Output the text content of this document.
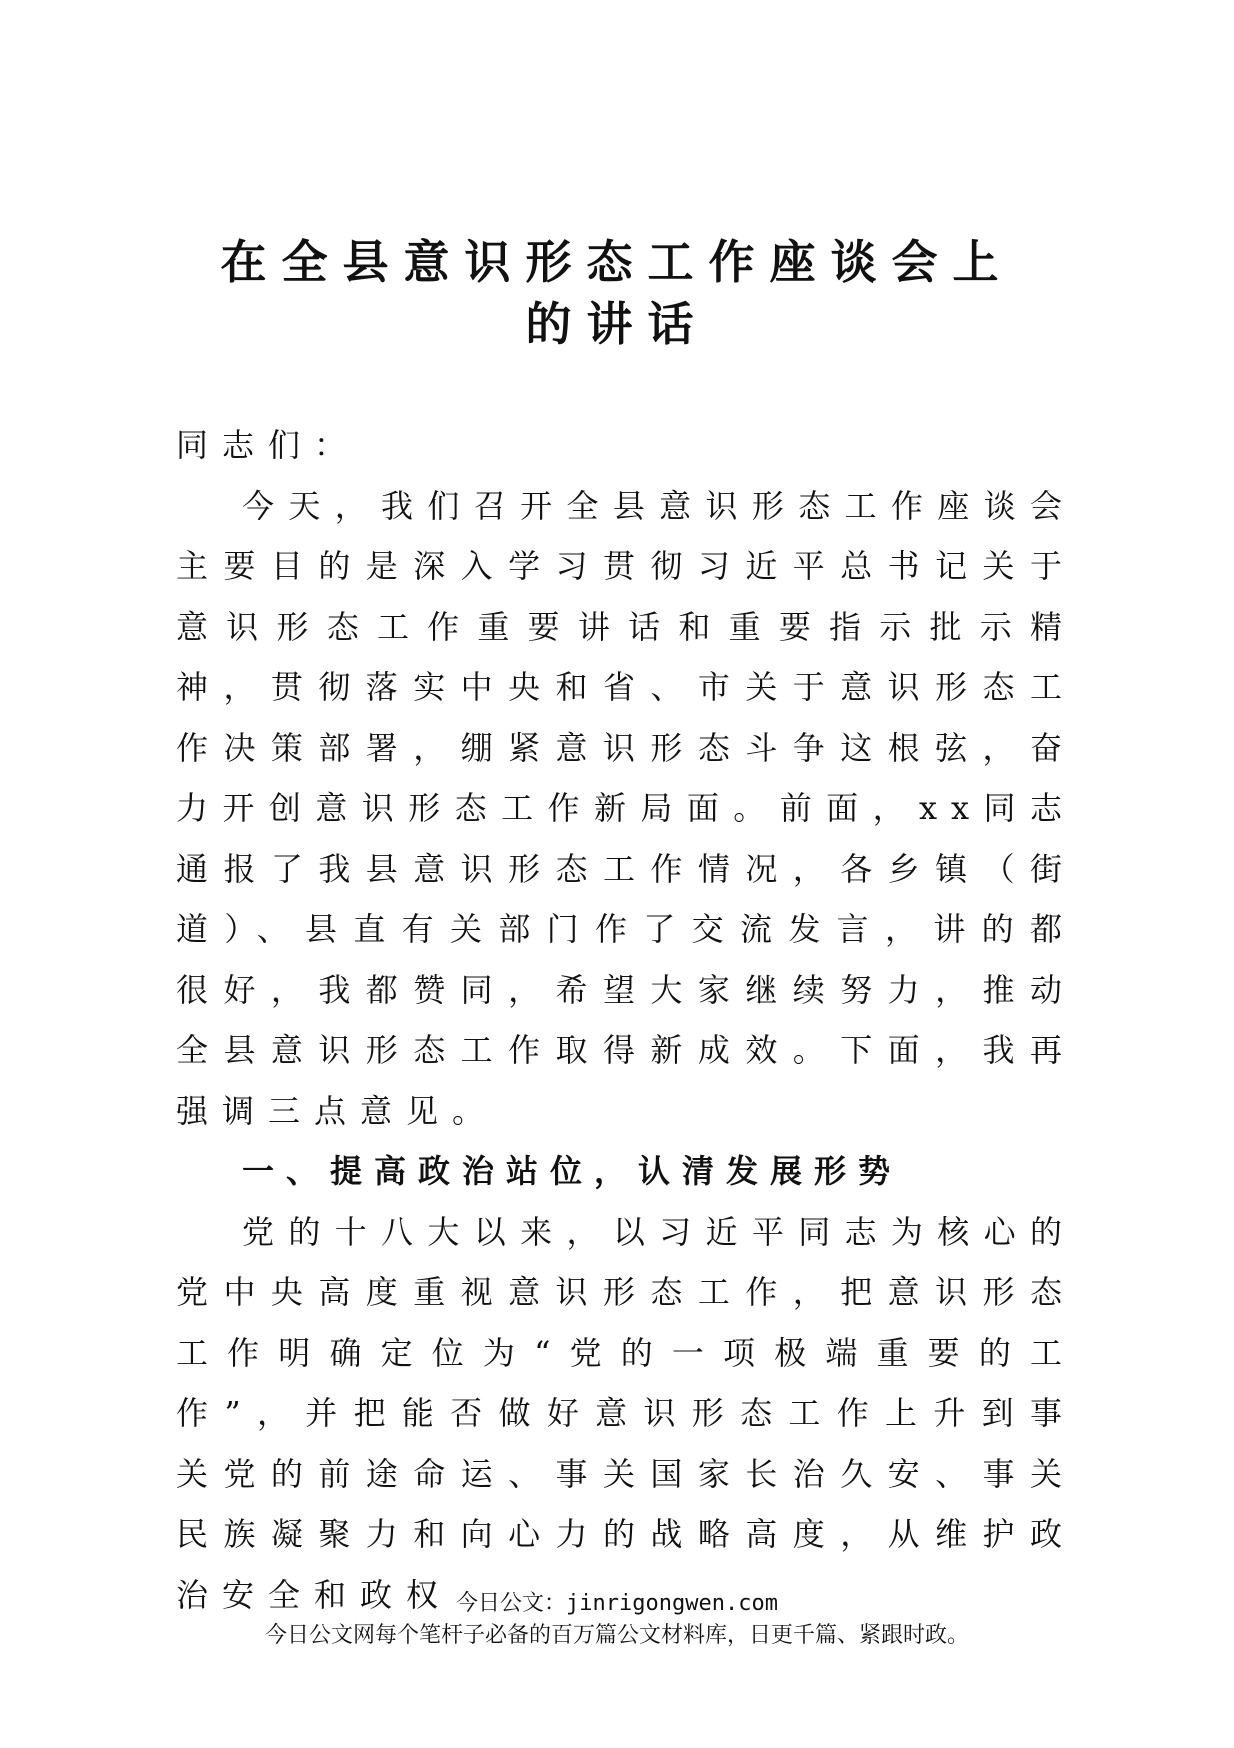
在全县意识形态工作座谈会上
的讲话

同志们：

今天，我们召开全县意识形态工作座谈会主要目的是深入学习贯彻习近平总书记关于意识形态工作重要讲话和重要指示批示精神，贯彻落实中央和省、市关于意识形态工作决策部署，绷紧意识形态斗争这根弦，奋力开创意识形态工作新局面。前面，xx同志通报了我县意识形态工作情况，各乡镇（街道）、县直有关部门作了交流发言，讲的都很好，我都赞同，希望大家继续努力，推动全县意识形态工作取得新成效。下面，我再强调三点意见。

一、提高政治站位，认清发展形势

党的十八大以来，以习近平同志为核心的党中央高度重视意识形态工作，把意识形态工作明确定位为“党的一项极端重要的工作”，并把能否做好意识形态工作上升到事关党的前途命运、事关国家长治久安、事关民族凝聚力和向心力的战略高度，从维护政治安全和政权 今日公文：jinrigongwen.com

今日公文网每个笔杆子必备的百万篇公文材料库，日更千篇、紧跟时政。
